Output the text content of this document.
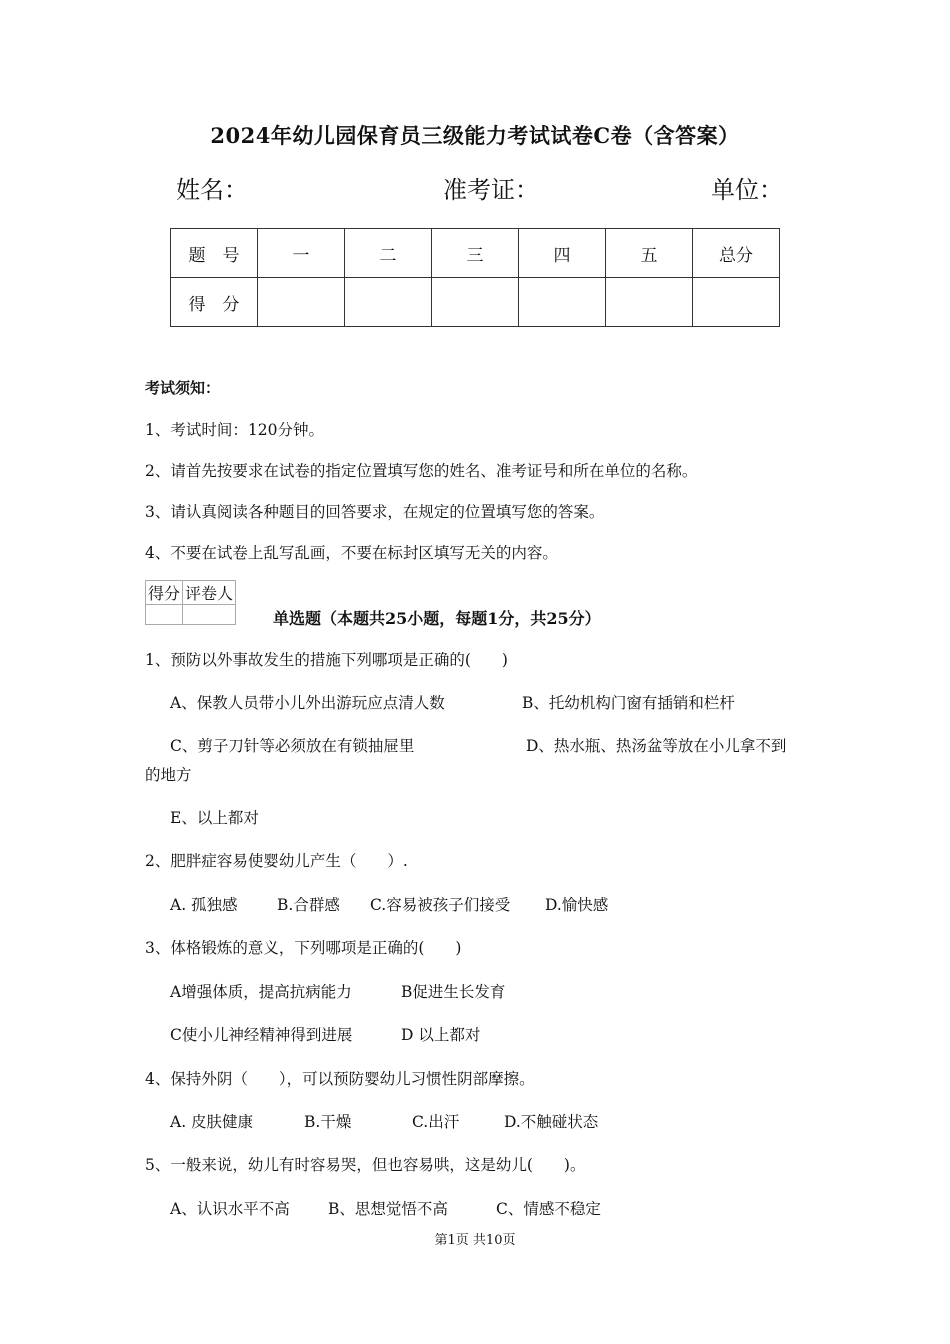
2024年幼儿园保育员三级能力考试试卷C卷（含答案）
姓名：	准考证：	单位：
题　号	一	二	三	四	五	总分
得　分						
考试须知：
1、考试时间：120分钟。
2、请首先按要求在试卷的指定位置填写您的姓名、准考证号和所在单位的名称。
3、请认真阅读各种题目的回答要求，在规定的位置填写您的答案。
4、不要在试卷上乱写乱画，不要在标封区填写无关的内容。
得分	评卷人

单选题（本题共25小题，每题1分，共25分）
1、预防以外事故发生的措施下列哪项是正确的(　　)
A、保教人员带小儿外出游玩应点清人数	B、托幼机构门窗有插销和栏杆
C、剪子刀针等必须放在有锁抽屉里	D、热水瓶、热汤盆等放在小儿拿不到
的地方
E、以上都对
2、肥胖症容易使婴幼儿产生（　　）.
A. 孤独感	B.合群感 C.容易被孩子们接受 D.愉快感
3、体格锻炼的意义，下列哪项是正确的(　　)
A增强体质，提高抗病能力	B促进生长发育
C使小儿神经精神得到进展	D 以上都对
4、保持外阴（　　），可以预防婴幼儿习惯性阴部摩擦。
A. 皮肤健康	B.干燥	C.出汗	D.不触碰状态
5、一般来说，幼儿有时容易哭，但也容易哄，这是幼儿(　　)。
A、认识水平不高 B、思想觉悟不高	C、情感不稳定
第1页 共10页
